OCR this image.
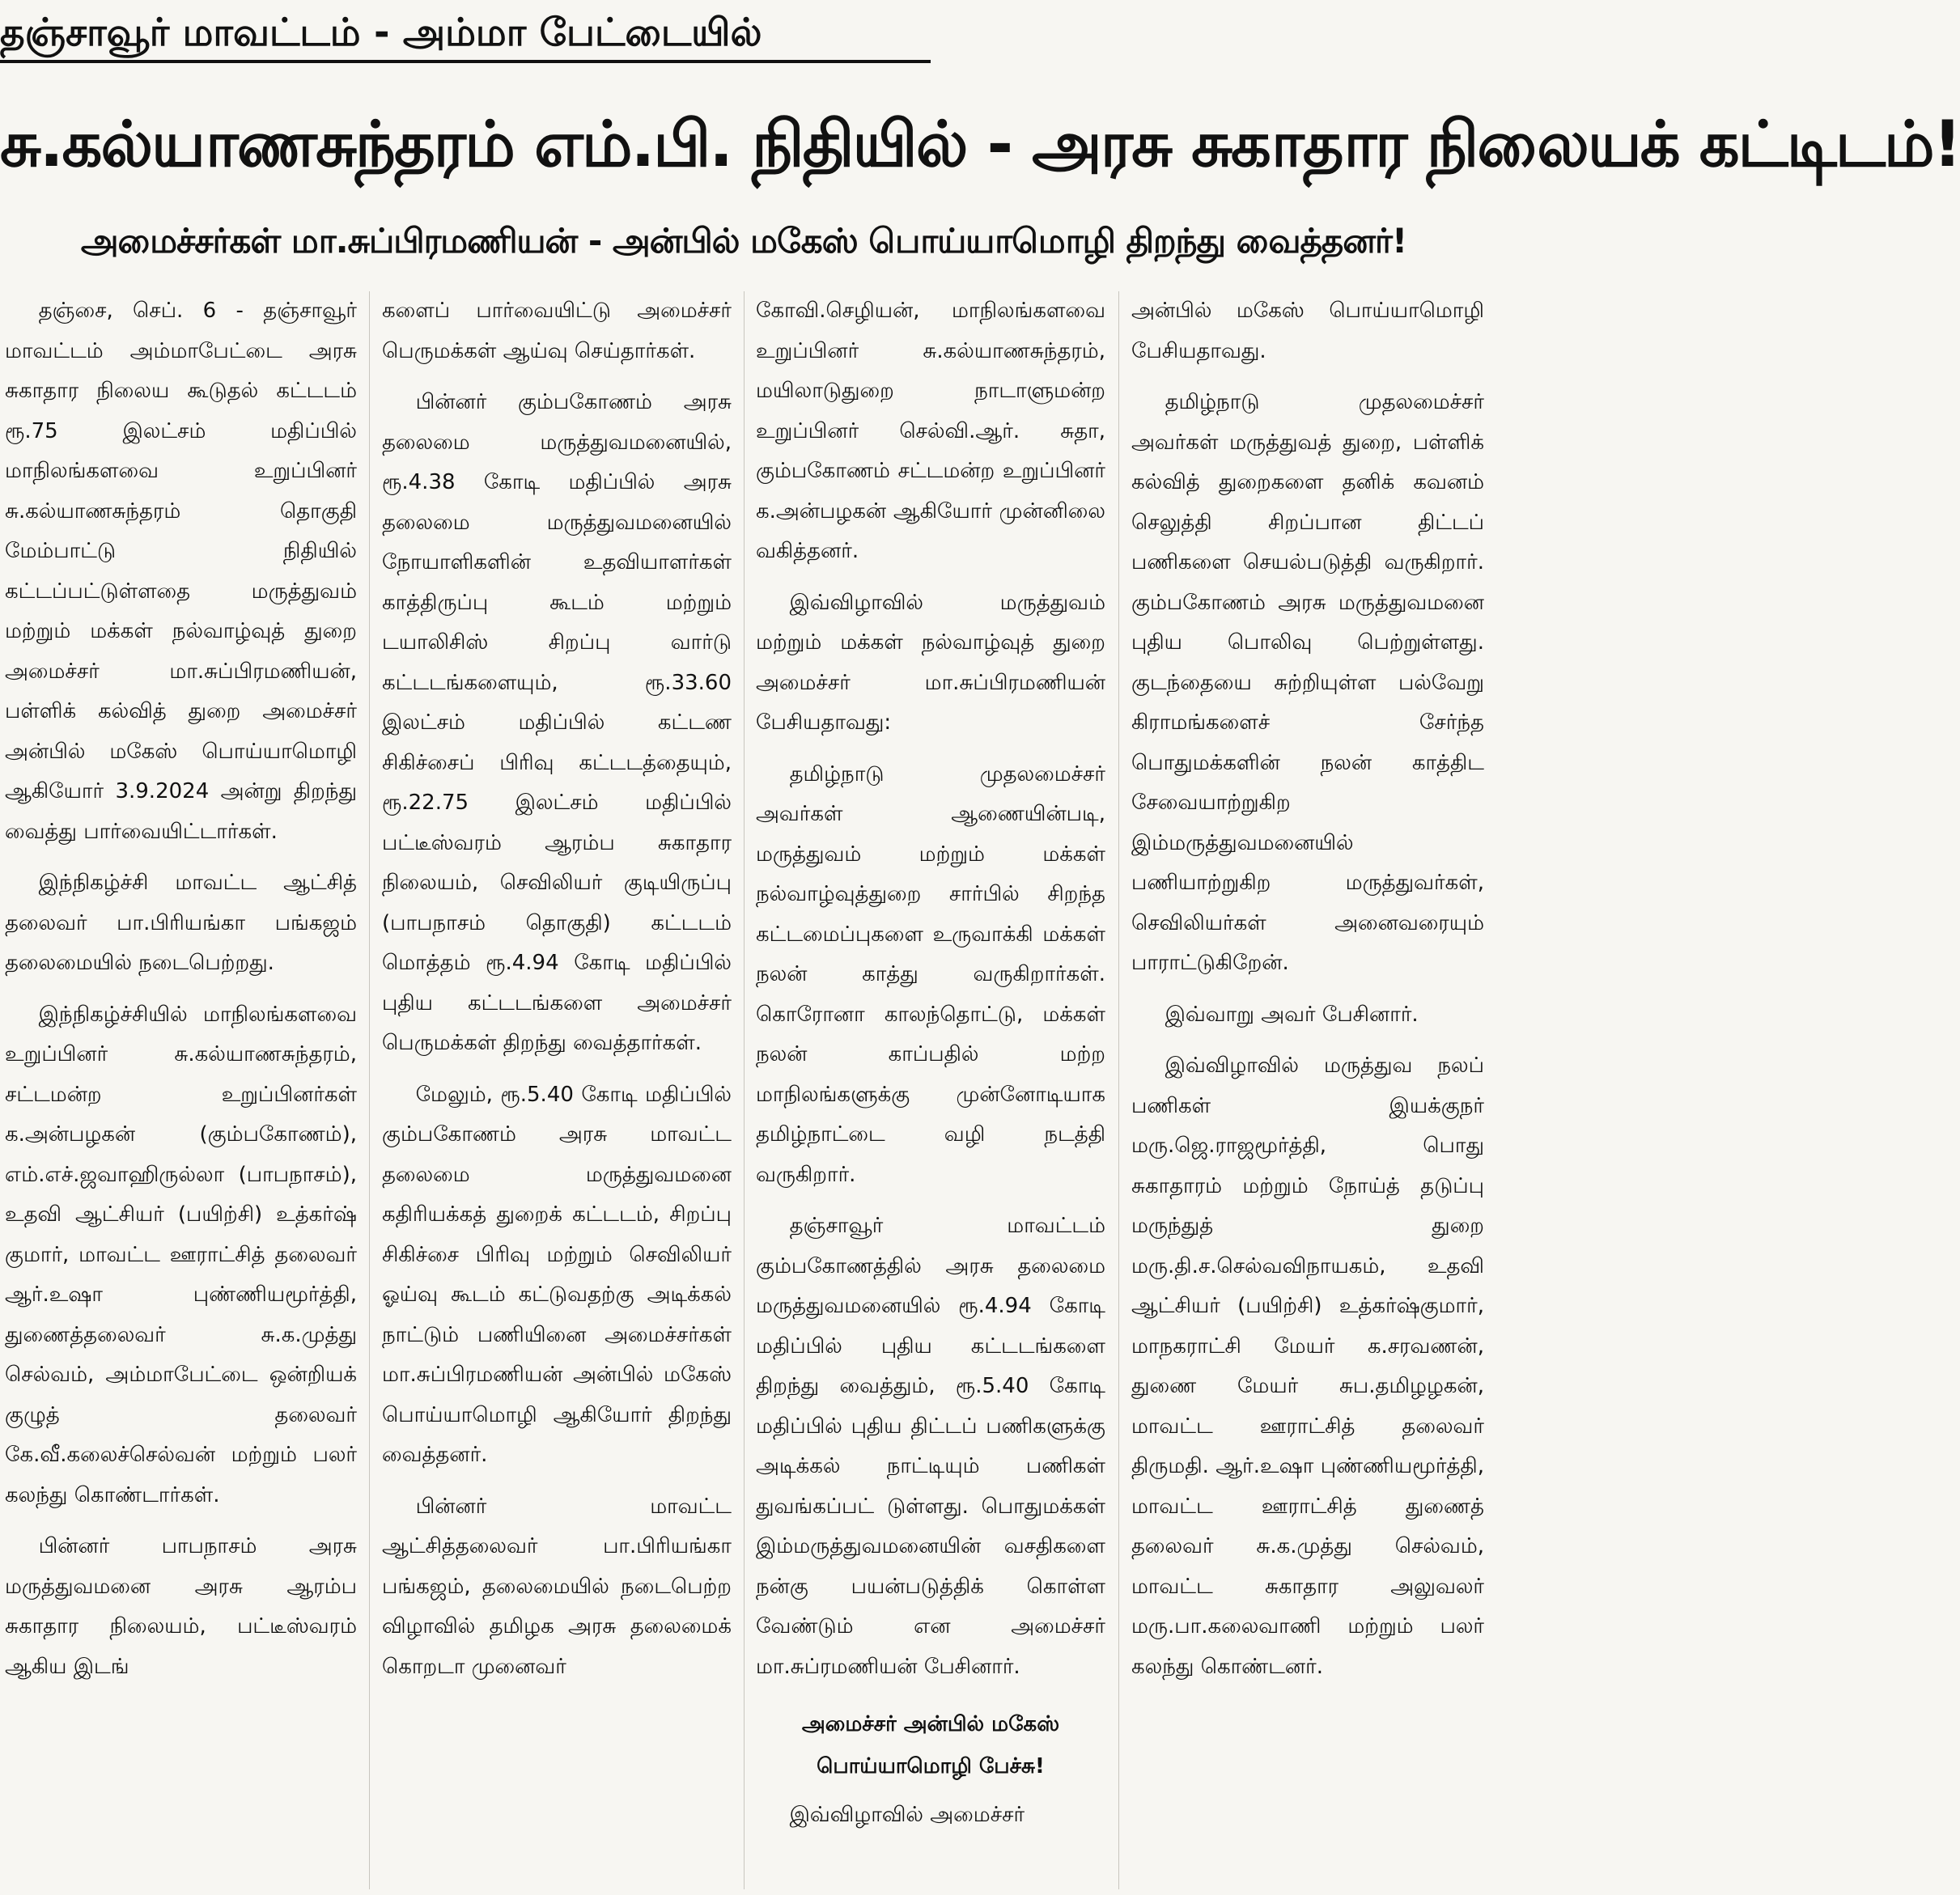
தஞ்சாவூர் மாவட்டம் - அம்மா பேட்டையில்
சு.கல்யாணசுந்தரம் எம்.பி. நிதியில் - அரசு சுகாதார நிலையக் கட்டிடம்!
அமைச்சர்கள் மா.சுப்பிரமணியன் - அன்பில் மகேஸ் பொய்யாமொழி திறந்து வைத்தனர்!

தஞ்சை, செப். 6 - தஞ்சாவூர் மாவட்டம் அம்மாபேட்டை அரசு சுகாதார நிலைய கூடுதல் கட்டடம் ரூ.75 இலட்சம் மதிப்பில் மாநிலங்களவை உறுப்பினர் சு.கல்யாணசுந்தரம் தொகுதி மேம்பாட்டு நிதியில் கட்டப்பட்டுள்ளதை மருத்துவம் மற்றும் மக்கள் நல்வாழ்வுத் துறை அமைச்சர் மா.சுப்பிரமணியன், பள்ளிக் கல்வித் துறை அமைச்சர் அன்பில் மகேஸ் பொய்யாமொழி ஆகியோர் 3.9.2024 அன்று திறந்து வைத்து பார்வையிட்டார்கள்.

இந்நிகழ்ச்சி மாவட்ட ஆட்சித் தலைவர் பா.பிரியங்கா பங்கஜம் தலைமையில் நடைபெற்றது.

இந்நிகழ்ச்சியில் மாநிலங்களவை உறுப்பினர் சு.கல்யாணசுந்தரம், சட்டமன்ற உறுப்பினர்கள் க.அன்பழகன் (கும்பகோணம்), எம்.எச்.ஜவாஹிருல்லா (பாபநாசம்), உதவி ஆட்சியர் (பயிற்சி) உத்கர்ஷ் குமார், மாவட்ட ஊராட்சித் தலைவர் ஆர்.உஷா புண்ணியமூர்த்தி, துணைத்தலைவர் சு.க.முத்து செல்வம், அம்மாபேட்டை ஒன்றியக் குழுத் தலைவர் கே.வீ.கலைச்செல்வன் மற்றும் பலர் கலந்து கொண்டார்கள்.

பின்னர் பாபநாசம் அரசு மருத்துவமனை அரசு ஆரம்ப சுகாதார நிலையம், பட்டீஸ்வரம் ஆகிய இடங்

களைப் பார்வையிட்டு அமைச்சர் பெருமக்கள் ஆய்வு செய்தார்கள்.

பின்னர் கும்பகோணம் அரசு தலைமை மருத்துவமனையில், ரூ.4.38 கோடி மதிப்பில் அரசு தலைமை மருத்துவமனையில் நோயாளிகளின் உதவியாளர்கள் காத்திருப்பு கூடம் மற்றும் டயாலிசிஸ் சிறப்பு வார்டு கட்டடங்களையும், ரூ.33.60 இலட்சம் மதிப்பில் கட்டண சிகிச்சைப் பிரிவு கட்டடத்தையும், ரூ.22.75 இலட்சம் மதிப்பில் பட்டீஸ்வரம் ஆரம்ப சுகாதார நிலையம், செவிலியர் குடியிருப்பு (பாபநாசம் தொகுதி) கட்டடம் மொத்தம் ரூ.4.94 கோடி மதிப்பில் புதிய கட்டடங்களை அமைச்சர் பெருமக்கள் திறந்து வைத்தார்கள்.

மேலும், ரூ.5.40 கோடி மதிப்பில் கும்பகோணம் அரசு மாவட்ட தலைமை மருத்துவமனை கதிரியக்கத் துறைக் கட்டடம், சிறப்பு சிகிச்சை பிரிவு மற்றும் செவிலியர் ஓய்வு கூடம் கட்டுவதற்கு அடிக்கல் நாட்டும் பணியினை அமைச்சர்கள் மா.சுப்பிரமணியன் அன்பில் மகேஸ் பொய்யாமொழி ஆகியோர் திறந்து வைத்தனர்.

பின்னர் மாவட்ட ஆட்சித்தலைவர் பா.பிரியங்கா பங்கஜம், தலைமையில் நடைபெற்ற விழாவில் தமிழக அரசு தலைமைக் கொறடா முனைவர்

கோவி.செழியன், மாநிலங்களவை உறுப்பினர் சு.கல்யாணசுந்தரம், மயிலாடுதுறை நாடாளுமன்ற உறுப்பினர் செல்வி.ஆர். சுதா, கும்பகோணம் சட்டமன்ற உறுப்பினர் க.அன்பழகன் ஆகியோர் முன்னிலை வகித்தனர்.

இவ்விழாவில் மருத்துவம் மற்றும் மக்கள் நல்வாழ்வுத் துறை அமைச்சர் மா.சுப்பிரமணியன் பேசியதாவது:

தமிழ்நாடு முதலமைச்சர் அவர்கள் ஆணையின்படி, மருத்துவம் மற்றும் மக்கள் நல்வாழ்வுத்துறை சார்பில் சிறந்த கட்டமைப்புகளை உருவாக்கி மக்கள் நலன் காத்து வருகிறார்கள். கொரோனா காலந்தொட்டு, மக்கள் நலன் காப்பதில் மற்ற மாநிலங்களுக்கு முன்னோடியாக தமிழ்நாட்டை வழி நடத்தி வருகிறார்.

தஞ்சாவூர் மாவட்டம் கும்பகோணத்தில் அரசு தலைமை மருத்துவமனையில் ரூ.4.94 கோடி மதிப்பில் புதிய கட்டடங்களை திறந்து வைத்தும், ரூ.5.40 கோடி மதிப்பில் புதிய திட்டப் பணிகளுக்கு அடிக்கல் நாட்டியும் பணிகள் துவங்கப்பட் டுள்ளது. பொதுமக்கள் இம்மருத்துவமனையின் வசதிகளை நன்கு பயன்படுத்திக் கொள்ள வேண்டும் என அமைச்சர் மா.சுப்ரமணியன் பேசினார்.

அமைச்சர் அன்பில் மகேஸ் பொய்யாமொழி பேச்சு!

இவ்விழாவில் அமைச்சர்

அன்பில் மகேஸ் பொய்யாமொழி பேசியதாவது.

தமிழ்நாடு முதலமைச்சர் அவர்கள் மருத்துவத் துறை, பள்ளிக் கல்வித் துறைகளை தனிக் கவனம் செலுத்தி சிறப்பான திட்டப் பணிகளை செயல்படுத்தி வருகிறார். கும்பகோணம் அரசு மருத்துவமனை புதிய பொலிவு பெற்றுள்ளது. குடந்தையை சுற்றியுள்ள பல்வேறு கிராமங்களைச் சேர்ந்த பொதுமக்களின் நலன் காத்திட சேவையாற்றுகிற இம்மருத்துவமனையில் பணியாற்றுகிற மருத்துவர்கள், செவிலியர்கள் அனைவரையும் பாராட்டுகிறேன்.

இவ்வாறு அவர் பேசினார்.

இவ்விழாவில் மருத்துவ நலப் பணிகள் இயக்குநர் மரு.ஜெ.ராஜமூர்த்தி, பொது சுகாதாரம் மற்றும் நோய்த் தடுப்பு மருந்துத் துறை மரு.தி.ச.செல்வவிநாயகம், உதவி ஆட்சியர் (பயிற்சி) உத்கர்ஷ்குமார், மாநகராட்சி மேயர் க.சரவணன், துணை மேயர் சுப.தமிழழகன், மாவட்ட ஊராட்சித் தலைவர் திருமதி. ஆர்.உஷா புண்ணியமூர்த்தி, மாவட்ட ஊராட்சித் துணைத் தலைவர் சு.க.முத்து செல்வம், மாவட்ட சுகாதார அலுவலர் மரு.பா.கலைவாணி மற்றும் பலர் கலந்து கொண்டனர்.
